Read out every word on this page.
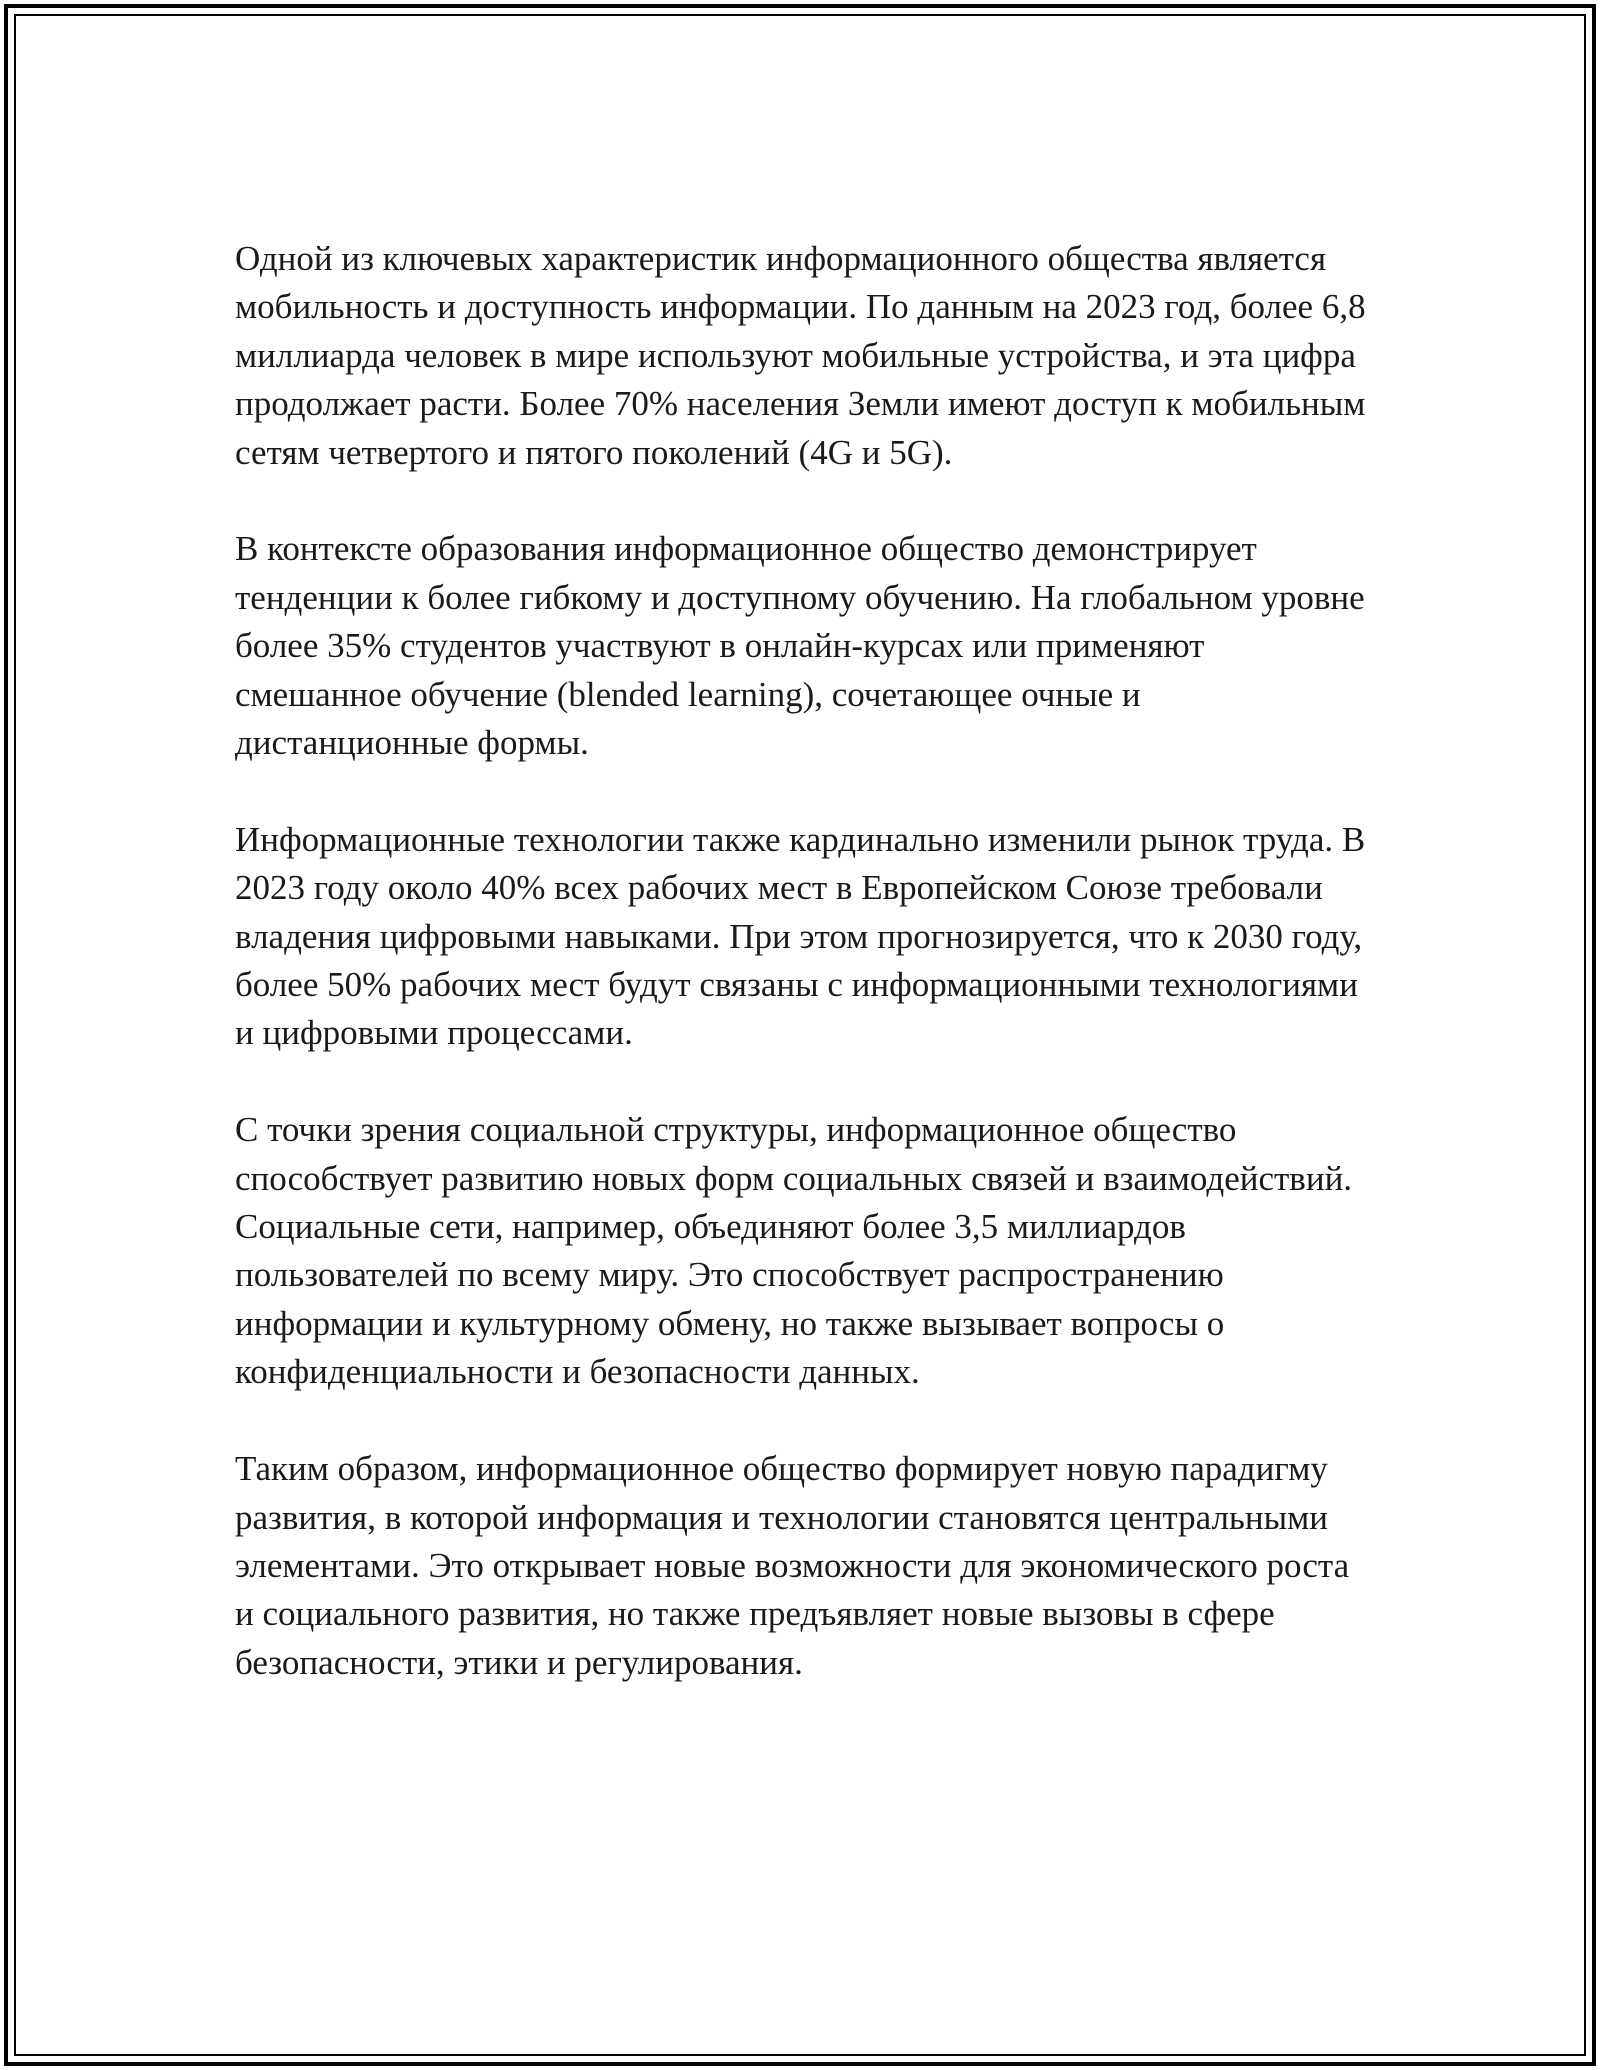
Одной из ключевых характеристик информационного общества является мобильность и доступность информации. По данным на 2023 год, более 6,8 миллиарда человек в мире используют мобильные устройства, и эта цифра продолжает расти. Более 70% населения Земли имеют доступ к мобильным сетям четвертого и пятого поколений (4G и 5G).

В контексте образования информационное общество демонстрирует тенденции к более гибкому и доступному обучению. На глобальном уровне более 35% студентов участвуют в онлайн-курсах или применяют смешанное обучение (blended learning), сочетающее очные и дистанционные формы.

Информационные технологии также кардинально изменили рынок труда. В 2023 году около 40% всех рабочих мест в Европейском Союзе требовали владения цифровыми навыками. При этом прогнозируется, что к 2030 году, более 50% рабочих мест будут связаны с информационными технологиями и цифровыми процессами.

С точки зрения социальной структуры, информационное общество способствует развитию новых форм социальных связей и взаимодействий. Социальные сети, например, объединяют более 3,5 миллиардов пользователей по всему миру. Это способствует распространению информации и культурному обмену, но также вызывает вопросы о конфиденциальности и безопасности данных.

Таким образом, информационное общество формирует новую парадигму развития, в которой информация и технологии становятся центральными элементами. Это открывает новые возможности для экономического роста и социального развития, но также предъявляет новые вызовы в сфере безопасности, этики и регулирования.
